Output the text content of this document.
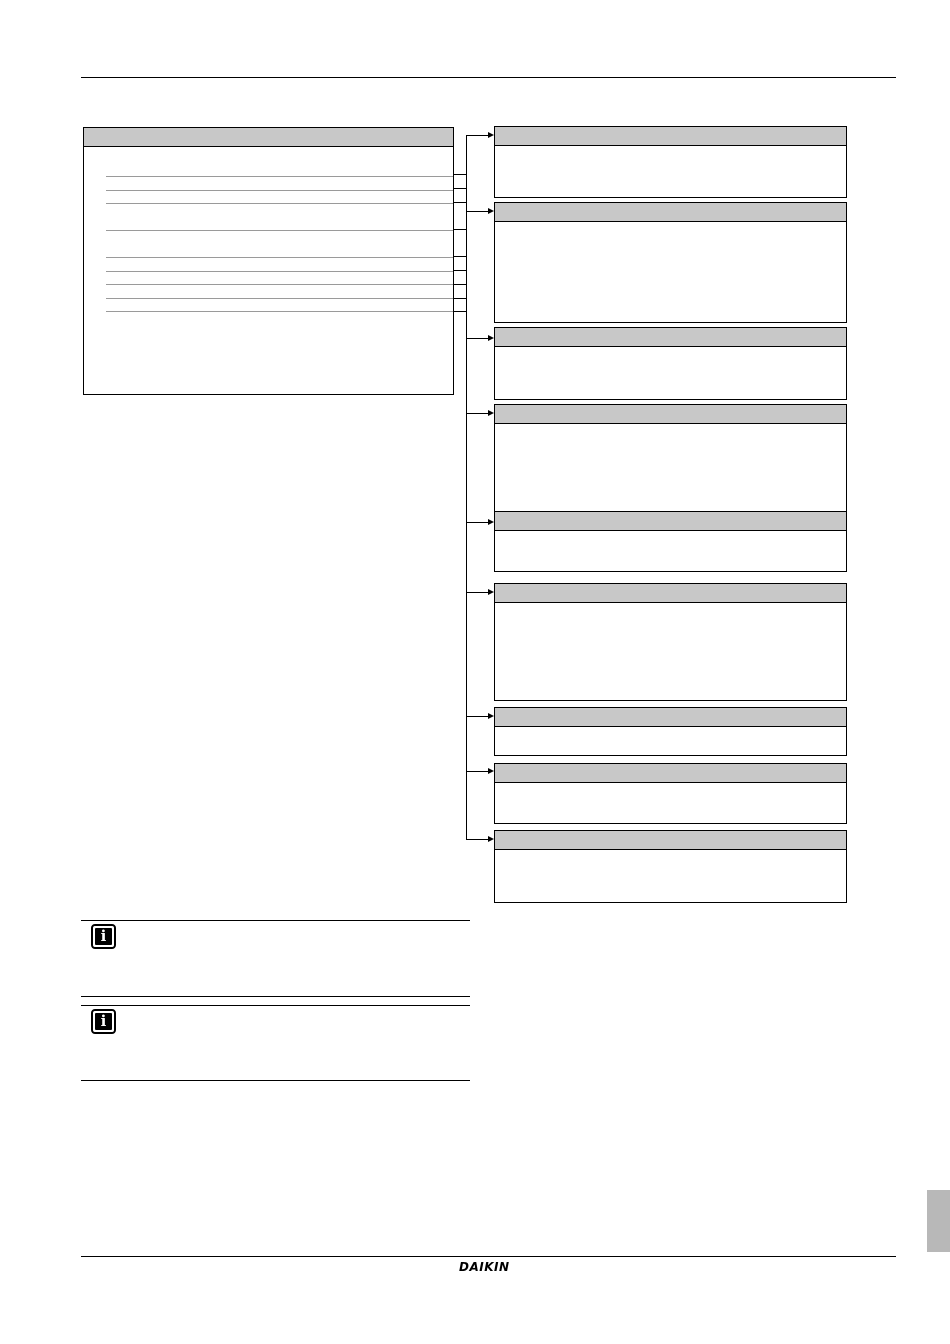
i
i
DAIKIN
